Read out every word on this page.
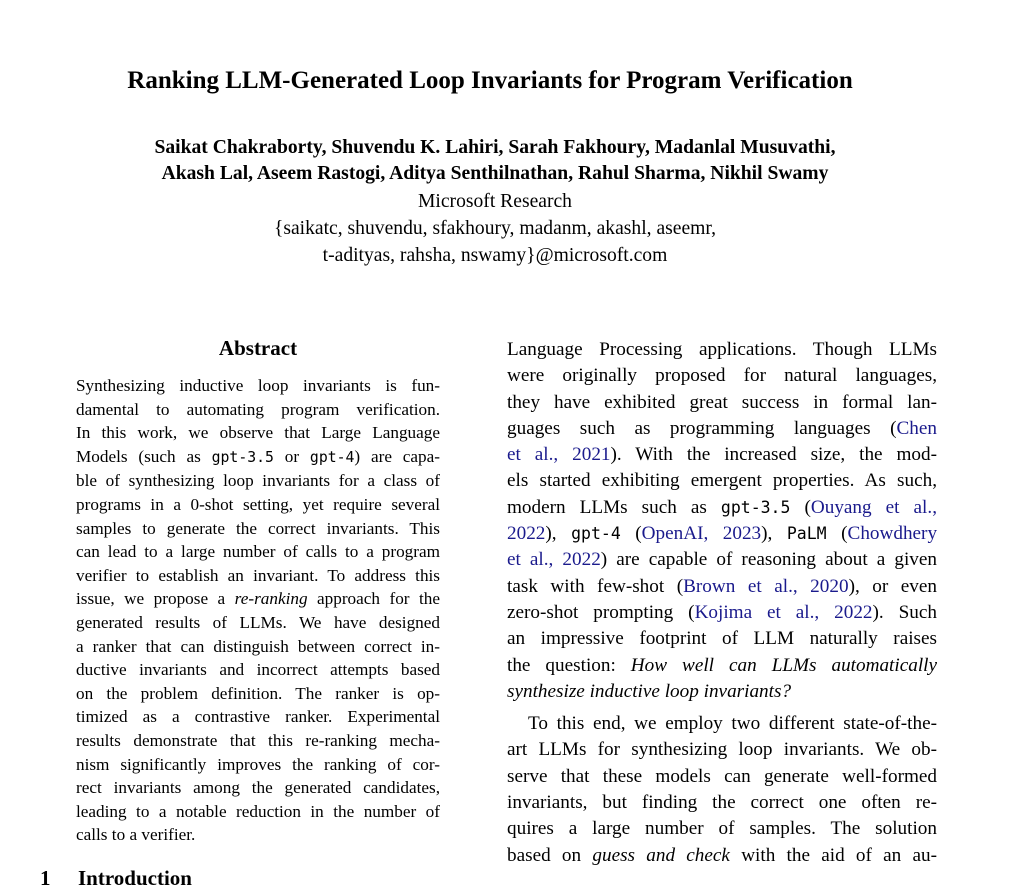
Ranking LLM-Generated Loop Invariants for Program Verification
Saikat Chakraborty, Shuvendu K. Lahiri, Sarah Fakhoury, Madanlal Musuvathi,
Akash Lal, Aseem Rastogi, Aditya Senthilnathan, Rahul Sharma, Nikhil Swamy
Microsoft Research
{saikatc, shuvendu, sfakhoury, madanm, akashl, aseemr,
t-adityas, rahsha, nswamy}@microsoft.com
Abstract
Synthesizing inductive loop invariants is fun-
damental to automating program verification.
In this work, we observe that Large Language
Models (such as gpt-3.5 or gpt-4) are capa-
ble of synthesizing loop invariants for a class of
programs in a 0-shot setting, yet require several
samples to generate the correct invariants. This
can lead to a large number of calls to a program
verifier to establish an invariant. To address this
issue, we propose a re-ranking approach for the
generated results of LLMs. We have designed
a ranker that can distinguish between correct in-
ductive invariants and incorrect attempts based
on the problem definition. The ranker is op-
timized as a contrastive ranker. Experimental
results demonstrate that this re-ranking mecha-
nism significantly improves the ranking of cor-
rect invariants among the generated candidates,
leading to a notable reduction in the number of
calls to a verifier.
1 Introduction
Language Processing applications. Though LLMs
were originally proposed for natural languages,
they have exhibited great success in formal lan-
guages such as programming languages (Chen
et al., 2021). With the increased size, the mod-
els started exhibiting emergent properties. As such,
modern LLMs such as gpt-3.5 (Ouyang et al.,
2022), gpt-4 (OpenAI, 2023), PaLM (Chowdhery
et al., 2022) are capable of reasoning about a given
task with few-shot (Brown et al., 2020), or even
zero-shot prompting (Kojima et al., 2022). Such
an impressive footprint of LLM naturally raises
the question: How well can LLMs automatically
synthesize inductive loop invariants?
To this end, we employ two different state-of-the-
art LLMs for synthesizing loop invariants. We ob-
serve that these models can generate well-formed
invariants, but finding the correct one often re-
quires a large number of samples. The solution
based on guess and check with the aid of an au-
